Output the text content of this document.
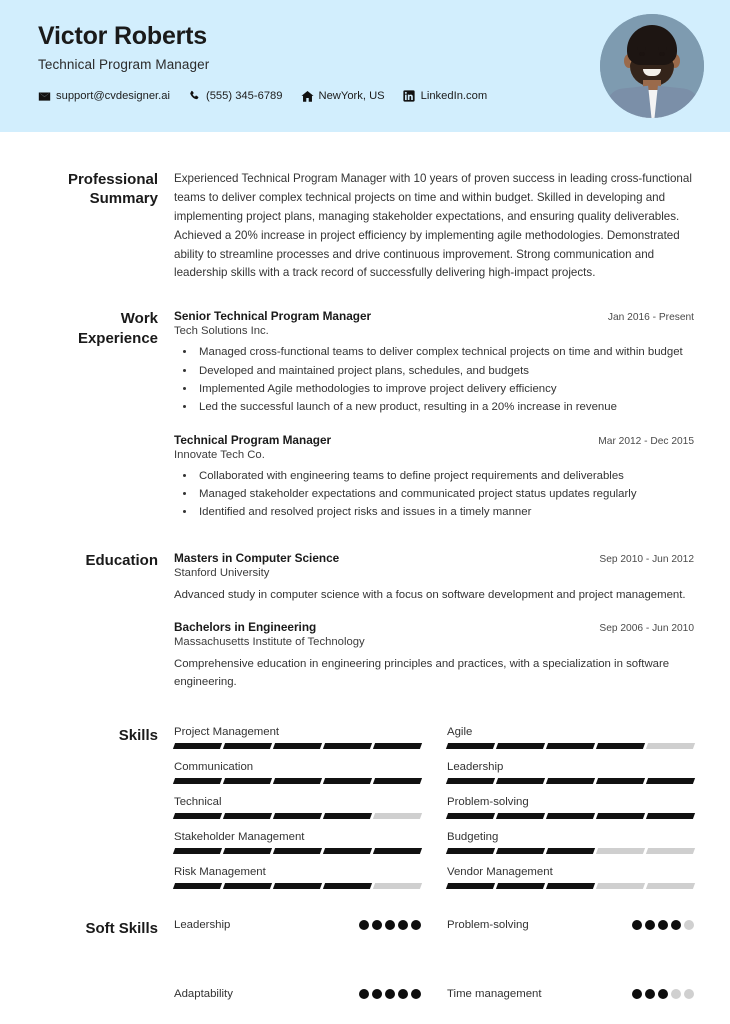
Victor Roberts
Technical Program Manager
support@cvdesigner.ai	(555) 345-6789	NewYork, US	LinkedIn.com
Professional
Summary

Experienced Technical Program Manager with 10 years of proven success in leading cross-functional teams to deliver complex technical projects on time and within budget. Skilled in developing and implementing project plans, managing stakeholder expectations, and ensuring quality deliverables. Achieved a 20% increase in project efficiency by implementing agile methodologies. Demonstrated ability to streamline processes and drive continuous improvement. Strong communication and leadership skills with a track record of successfully delivering high-impact projects.

Work
Experience
Senior Technical Program Manager	Jan 2016 - Present
Tech Solutions Inc.
• Managed cross-functional teams to deliver complex technical projects on time and within budget
• Developed and maintained project plans, schedules, and budgets
• Implemented Agile methodologies to improve project delivery efficiency
• Led the successful launch of a new product, resulting in a 20% increase in revenue
Technical Program Manager	Mar 2012 - Dec 2015
Innovate Tech Co.
• Collaborated with engineering teams to define project requirements and deliverables
• Managed stakeholder expectations and communicated project status updates regularly
• Identified and resolved project risks and issues in a timely manner
Education Masters in Computer Science	Sep 2010 - Jun 2012
Stanford University
Advanced study in computer science with a focus on software development and project management.
Bachelors in Engineering	Sep 2006 - Jun 2010
Massachusetts Institute of Technology
Comprehensive education in engineering principles and practices, with a specialization in software engineering.
Skills Project Management	Agile
Communication	Leadership
Technical	Problem-solving
Stakeholder Management	Budgeting
Risk Management	Vendor Management
Soft Skills Leadership	Problem-solving
Adaptability	Time management
